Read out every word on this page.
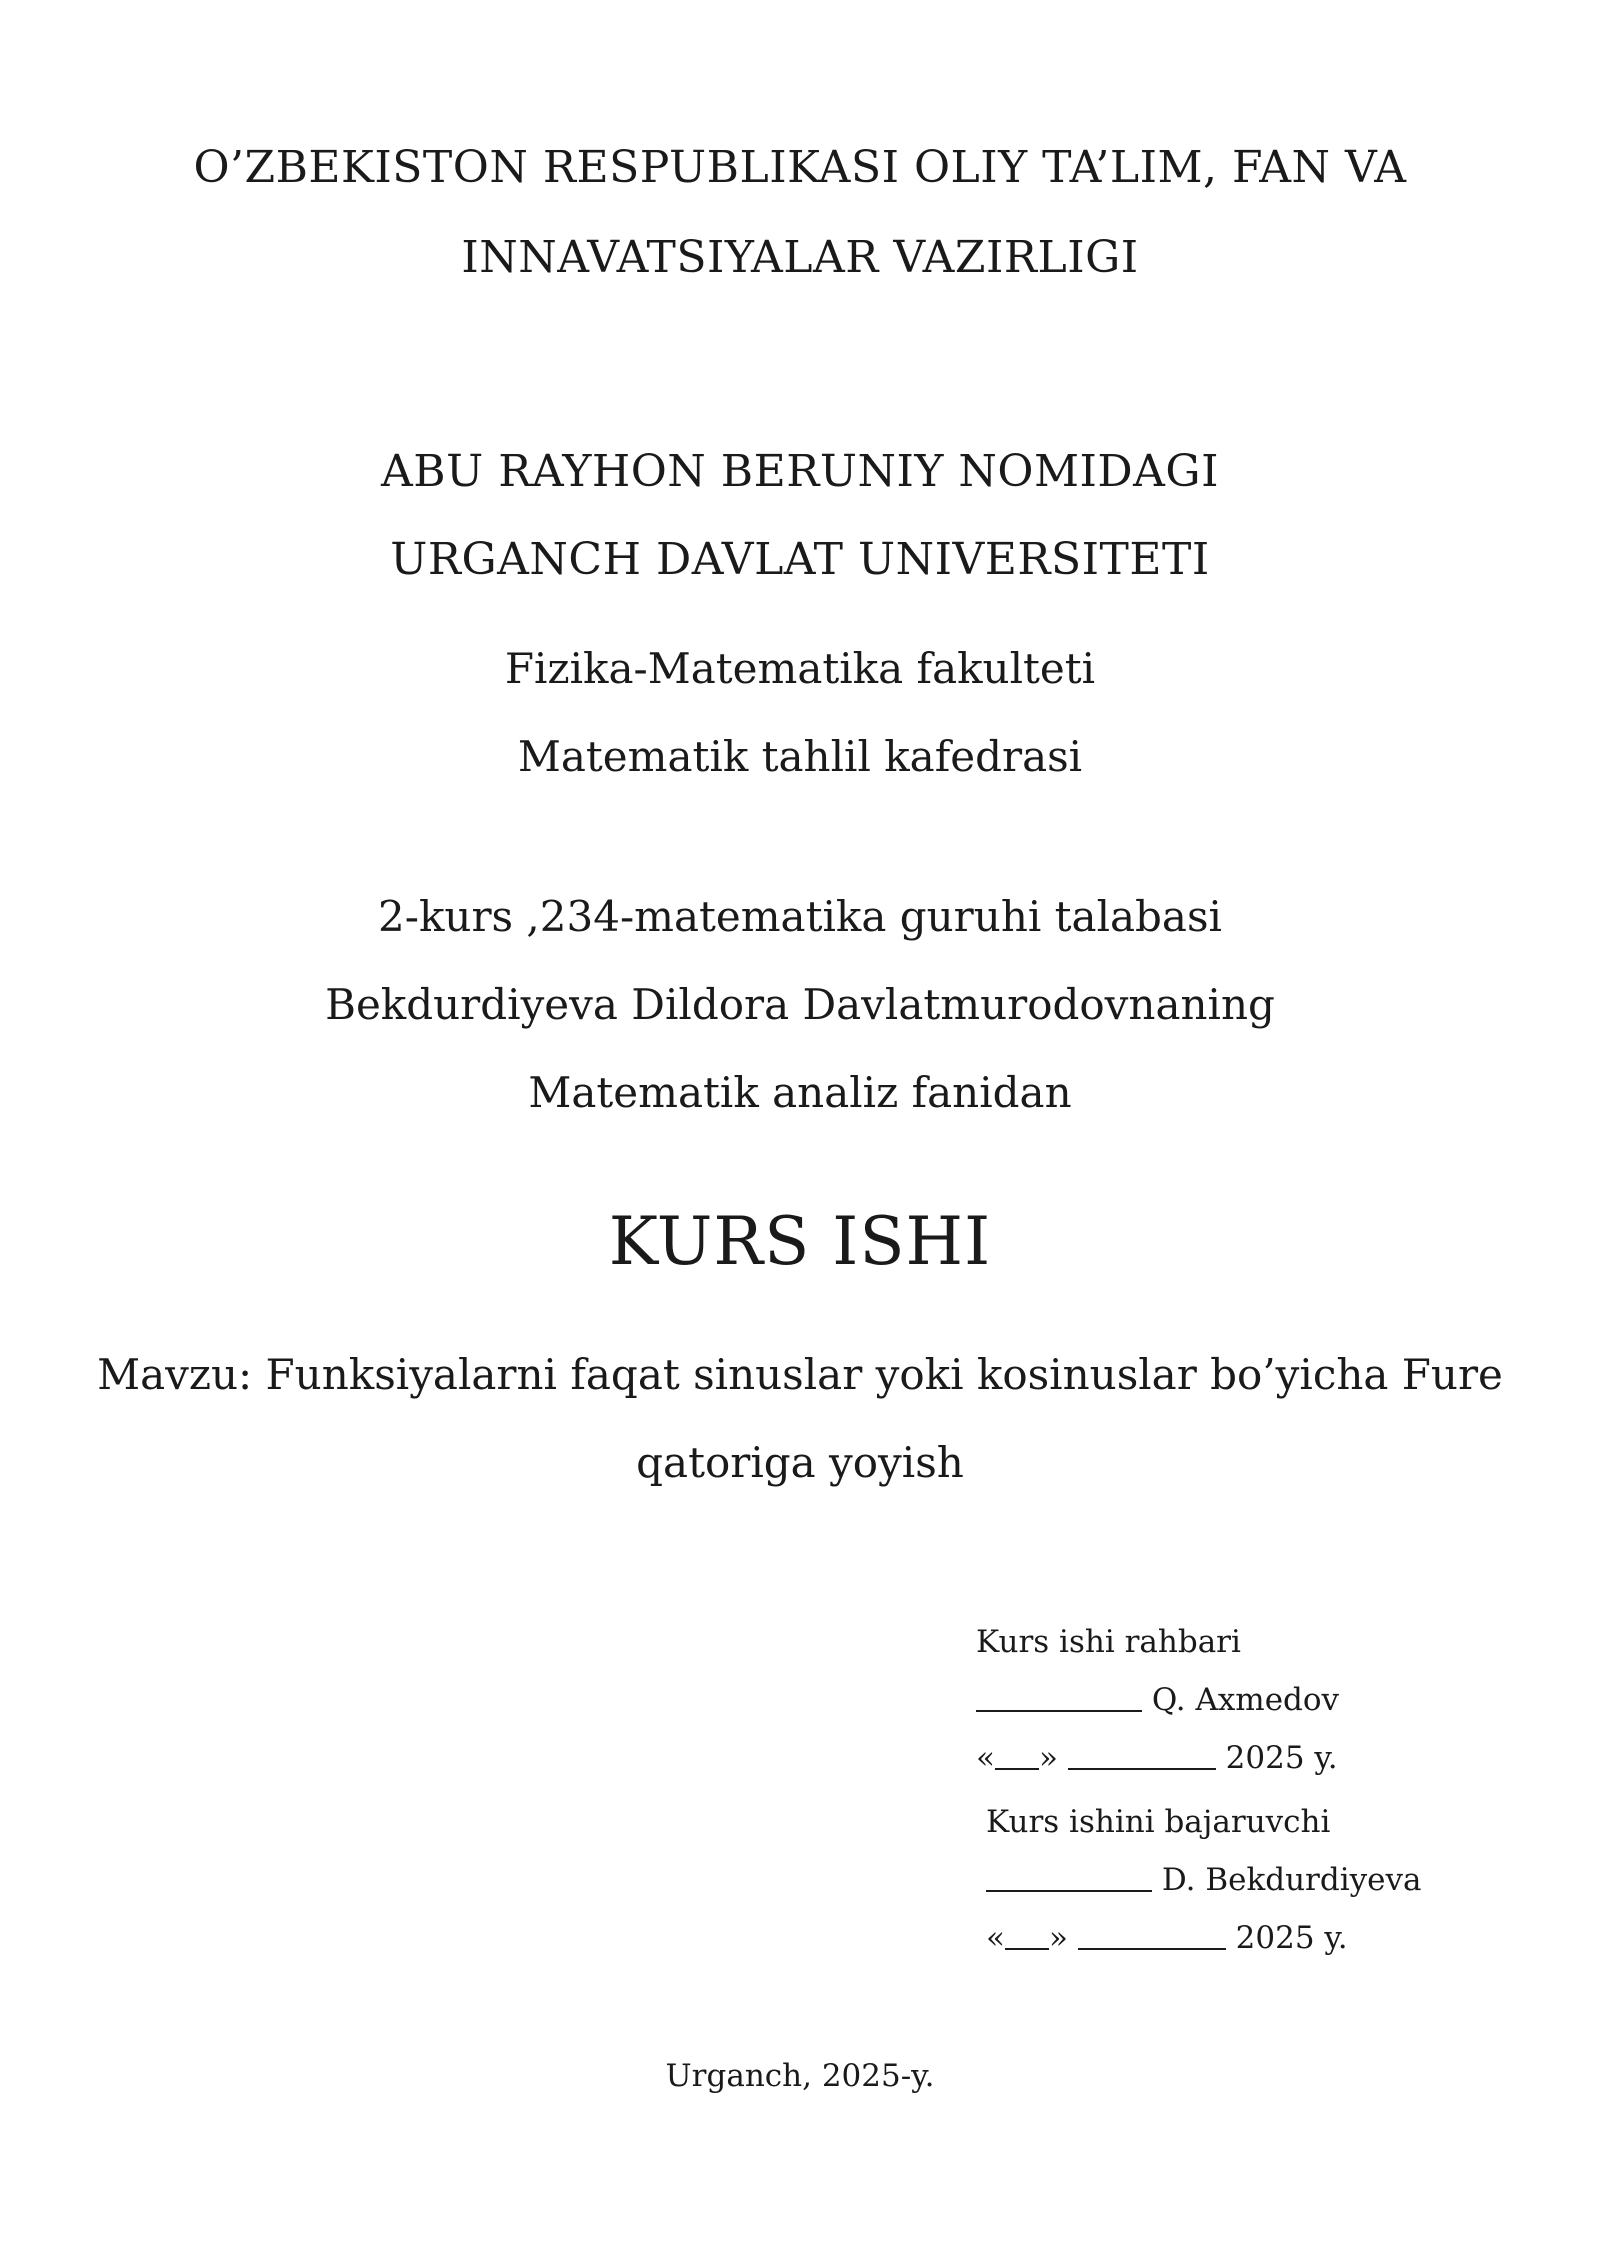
O’ZBEKISTON RESPUBLIKASI OLIY TA’LIM, FAN VA
INNAVATSIYALAR VAZIRLIGI
ABU RAYHON BERUNIY NOMIDAGI
URGANCH DAVLAT UNIVERSITETI
Fizika-Matematika fakulteti
Matematik tahlil kafedrasi
2-kurs ,234-matematika guruhi talabasi
Bekdurdiyeva Dildora Davlatmurodovnaning
Matematik analiz fanidan
KURS ISHI
Mavzu: Funksiyalarni faqat sinuslar yoki kosinuslar bo’yicha Fure
qatoriga yoyish
Kurs ishi rahbari
Q. Axmedov
« »	2025 y.
Kurs ishini bajaruvchi
D. Bekdurdiyeva
« »	2025 y.
Urganch, 2025-y.
